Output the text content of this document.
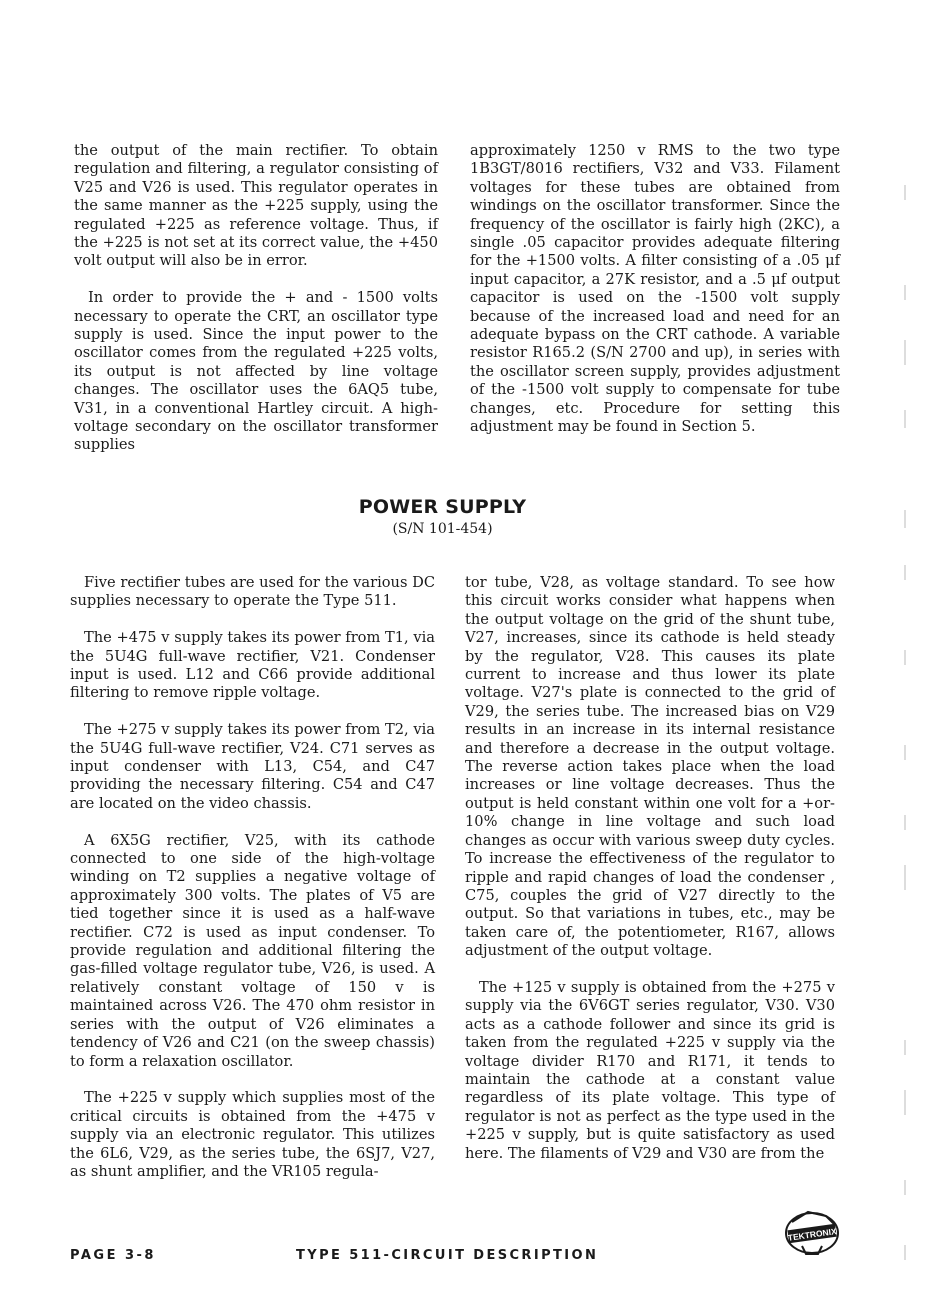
the output of the main rectifier. To obtain regulation and filtering, a regulator consisting of V25 and V26 is used. This regulator operates in the same manner as the +225 supply, using the regulated +225 as reference voltage. Thus, if the +225 is not set at its correct value, the +450 volt output will also be in error.

In order to provide the + and - 1500 volts necessary to operate the CRT, an oscillator type supply is used. Since the input power to the oscillator comes from the regulated +225 volts, its output is not affected by line voltage changes. The oscillator uses the 6AQ5 tube, V31, in a conventional Hartley circuit. A high-voltage secondary on the oscillator transformer supplies

approximately 1250 v RMS to the two type 1B3GT/8016 rectifiers, V32 and V33. Filament voltages for these tubes are obtained from windings on the oscillator transformer. Since the frequency of the oscillator is fairly high (2KC), a single .05 capacitor provides adequate filtering for the +1500 volts. A filter consisting of a .05 μf input capacitor, a 27K resistor, and a .5 μf output capacitor is used on the -1500 volt supply because of the increased load and need for an adequate bypass on the CRT cathode. A variable resistor R165.2 (S/N 2700 and up), in series with the oscillator screen supply, provides adjustment of the -1500 volt supply to compensate for tube changes, etc. Procedure for setting this adjustment may be found in Section 5.

POWER SUPPLY
(S/N 101-454)

Five rectifier tubes are used for the various DC supplies necessary to operate the Type 511.

The +475 v supply takes its power from T1, via the 5U4G full-wave rectifier, V21. Condenser input is used. L12 and C66 provide additional filtering to remove ripple voltage.

The +275 v supply takes its power from T2, via the 5U4G full-wave rectifier, V24. C71 serves as input condenser with L13, C54, and C47 providing the necessary filtering. C54 and C47 are located on the video chassis.

A 6X5G rectifier, V25, with its cathode connected to one side of the high-voltage winding on T2 supplies a negative voltage of approximately 300 volts. The plates of V5 are tied together since it is used as a half-wave rectifier. C72 is used as input condenser. To provide regulation and additional filtering the gas-filled voltage regulator tube, V26, is used. A relatively constant voltage of 150 v is maintained across V26. The 470 ohm resistor in series with the output of V26 eliminates a tendency of V26 and C21 (on the sweep chassis) to form a relaxation oscillator.

The +225 v supply which supplies most of the critical circuits is obtained from the +475 v supply via an electronic regulator. This utilizes the 6L6, V29, as the series tube, the 6SJ7, V27, as shunt amplifier, and the VR105 regula-

tor tube, V28, as voltage standard. To see how this circuit works consider what happens when the output voltage on the grid of the shunt tube, V27, increases, since its cathode is held steady by the regulator, V28. This causes its plate current to increase and thus lower its plate voltage. V27's plate is connected to the grid of V29, the series tube. The increased bias on V29 results in an increase in its internal resistance and therefore a decrease in the output voltage. The reverse action takes place when the load increases or line voltage decreases. Thus the output is held constant within one volt for a +or-10% change in line voltage and such load changes as occur with various sweep duty cycles. To increase the effectiveness of the regulator to ripple and rapid changes of load the condenser , C75, couples the grid of V27 directly to the output. So that variations in tubes, etc., may be taken care of, the potentiometer, R167, allows adjustment of the output voltage.

The +125 v supply is obtained from the +275 v supply via the 6V6GT series regulator, V30. V30 acts as a cathode follower and since its grid is taken from the regulated +225 v supply via the voltage divider R170 and R171, it tends to maintain the cathode at a constant value regardless of its plate voltage. This type of regulator is not as perfect as the type used in the +225 v supply, but is quite satisfactory as used here. The filaments of V29 and V30 are from the

PAGE 3-8	TYPE 511-CIRCUIT DESCRIPTION
TEKTRONIX
